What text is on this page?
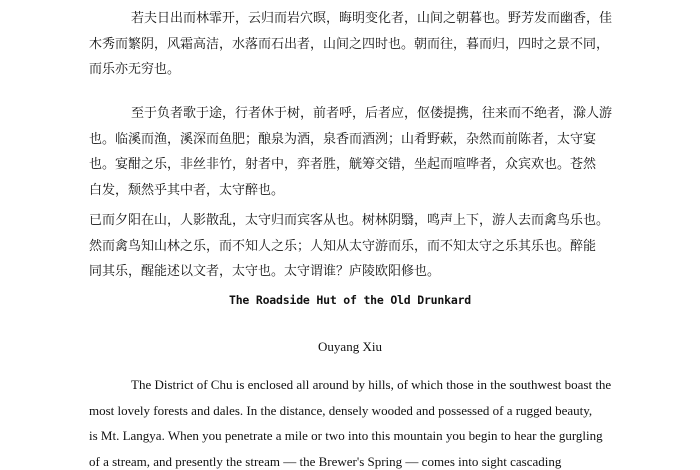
若夫日出而林霏开，云归而岩穴暝，晦明变化者，山间之朝暮也。野芳发而幽香，佳
木秀而繁阴，风霜高洁，水落而石出者，山间之四时也。朝而往，暮而归，四时之景不同，
而乐亦无穷也。
至于负者歌于途，行者休于树，前者呼，后者应，伛偻提携，往来而不绝者，滁人游
也。临溪而渔，溪深而鱼肥；酿泉为酒，泉香而酒洌；山肴野蔌，杂然而前陈者，太守宴
也。宴酣之乐，非丝非竹，射者中，弈者胜，觥筹交错，坐起而喧哗者，众宾欢也。苍然
白发，颓然乎其中者，太守醉也。
已而夕阳在山，人影散乱，太守归而宾客从也。树林阴翳，鸣声上下，游人去而禽鸟乐也。
然而禽鸟知山林之乐，而不知人之乐；人知从太守游而乐，而不知太守之乐其乐也。醉能
同其乐，醒能述以文者，太守也。太守谓谁？庐陵欧阳修也。
The Roadside Hut of the Old Drunkard

Ouyang Xiu

The District of Chu is enclosed all around by hills, of which those in the southwest boast the
most lovely forests and dales. In the distance, densely wooded and possessed of a rugged beauty,
is Mt. Langya. When you penetrate a mile or two into this mountain you begin to hear the gurgling
of a stream, and presently the stream — the Brewer's Spring — comes into sight cascading
